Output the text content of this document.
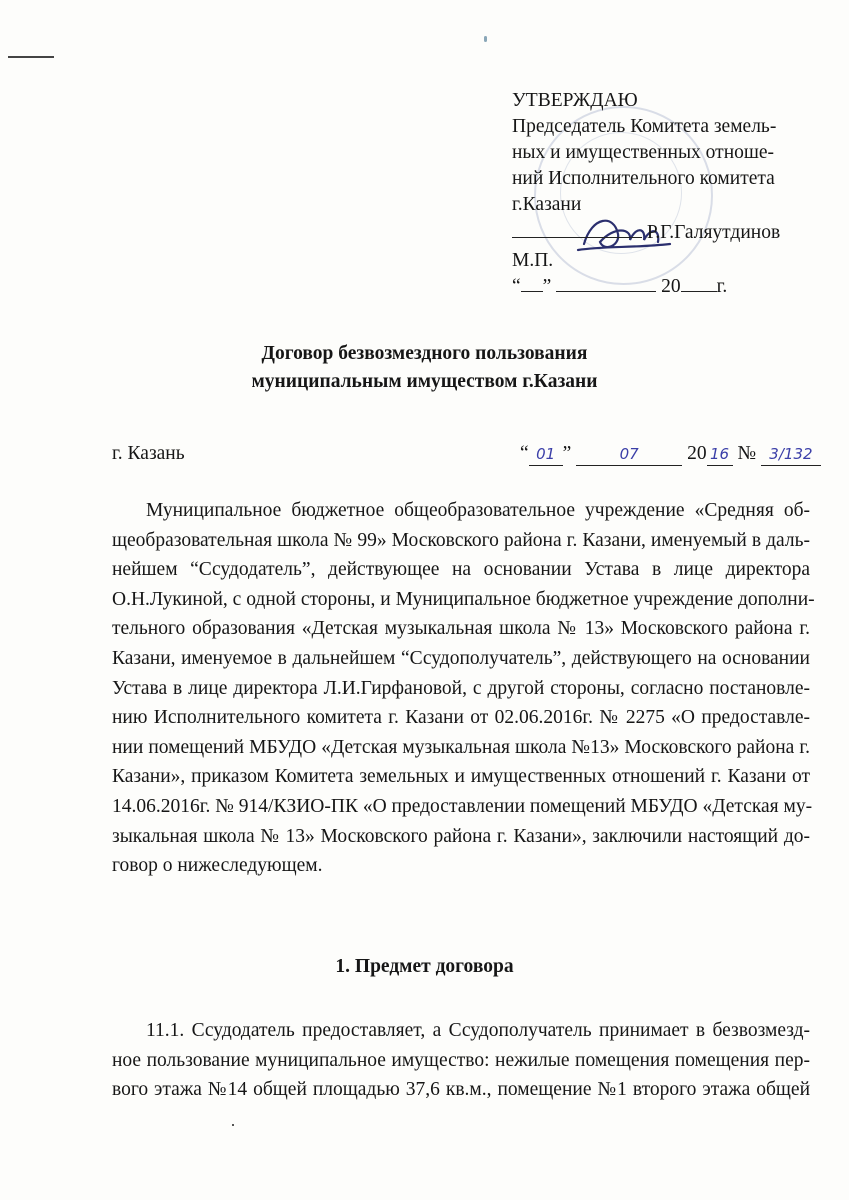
УТВЕРЖДАЮ
Председатель Комитета земель-
ных и имущественных отноше-
ний Исполнительного комитета
г.Казани
Р.Г.Галяутдинов
М.П.
“ ”	20 г.
Договор безвозмездного пользования
муниципальным имуществом г.Казани
г. Казань	“ 01 ”	07 20 16 № 3/132
Муниципальное бюджетное общеобразовательное учреждение «Средняя об-
щеобразовательная школа № 99» Московского района г. Казани, именуемый в даль-
нейшем “Ссудодатель”, действующее на основании Устава в лице директора
О.Н.Лукиной, с одной стороны, и Муниципальное бюджетное учреждение дополни-
тельного образования «Детская музыкальная школа № 13» Московского района г.
Казани, именуемое в дальнейшем “Ссудополучатель”, действующего на основании
Устава в лице директора Л.И.Гирфановой, с другой стороны, согласно постановле-
нию Исполнительного комитета г. Казани от 02.06.2016г. № 2275 «О предоставле-
нии помещений МБУДО «Детская музыкальная школа №13» Московского района г.
Казани», приказом Комитета земельных и имущественных отношений г. Казани от
14.06.2016г. № 914/КЗИО-ПК «О предоставлении помещений МБУДО «Детская му-
зыкальная школа № 13» Московского района г. Казани», заключили настоящий до-
говор о нижеследующем.
1. Предмет договора
11.1. Ссудодатель предоставляет, а Ссудополучатель принимает в безвозмезд-
ное пользование муниципальное имущество: нежилые помещения помещения пер-
вого этажа №14 общей площадью 37,6 кв.м., помещение №1 второго этажа общей
